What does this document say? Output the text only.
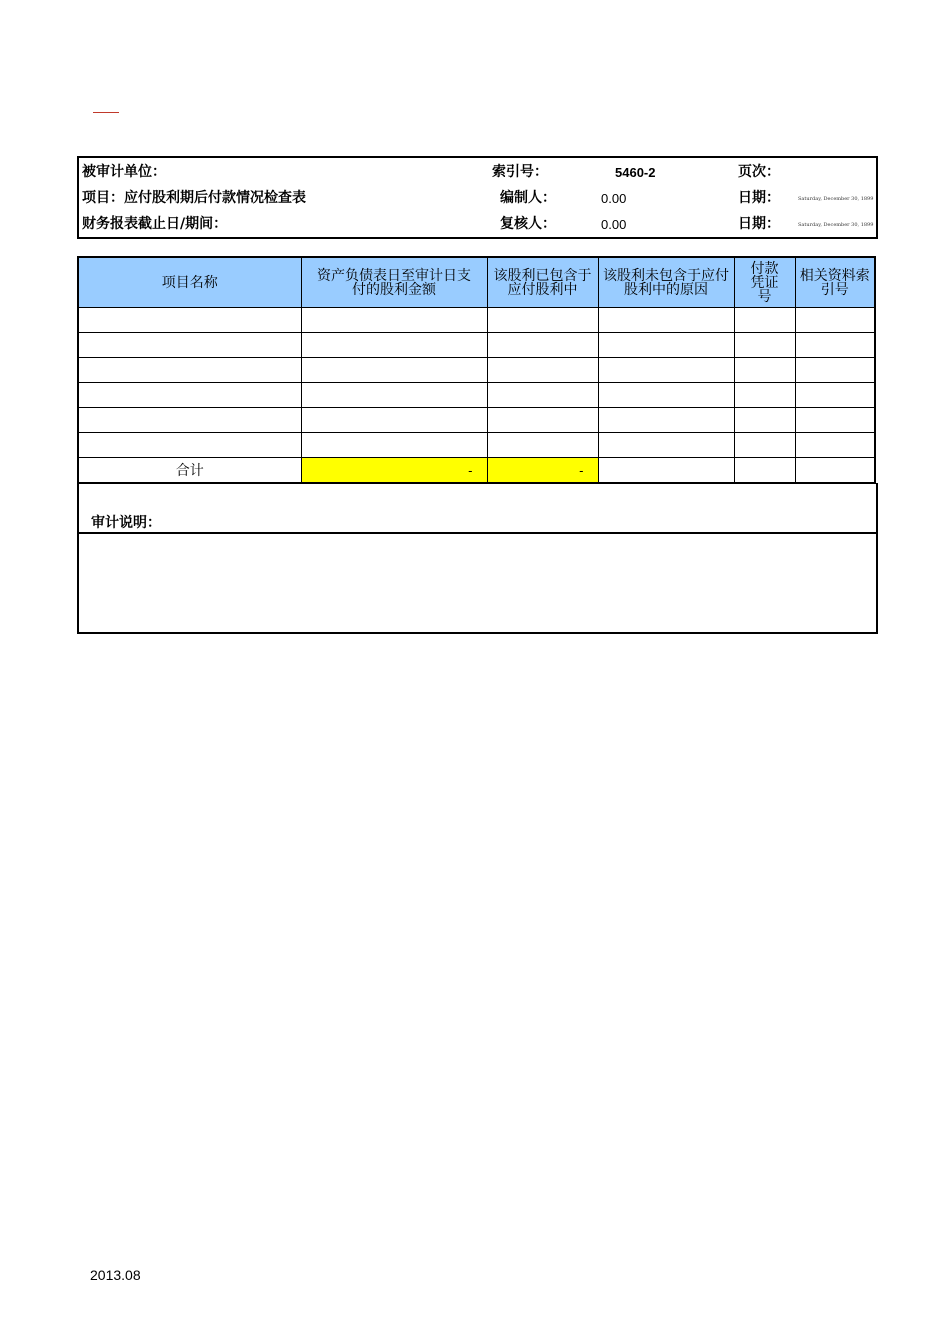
被审计单位：
项目：应付股利期后付款情况检查表
财务报表截止日/期间：
索引号：	5460-2
编制人：	0.00
复核人：	0.00
页次：
日期：	Saturday, December 30, 1899
日期：	Saturday, December 30, 1899
项目名称	资产负债表日至审计日支付的股利金额	该股利已包含于应付股利中	该股利未包含于应付股利中的原因	付款凭证号	相关资料索引号

合计	-	-			
审计说明：
2013.08
